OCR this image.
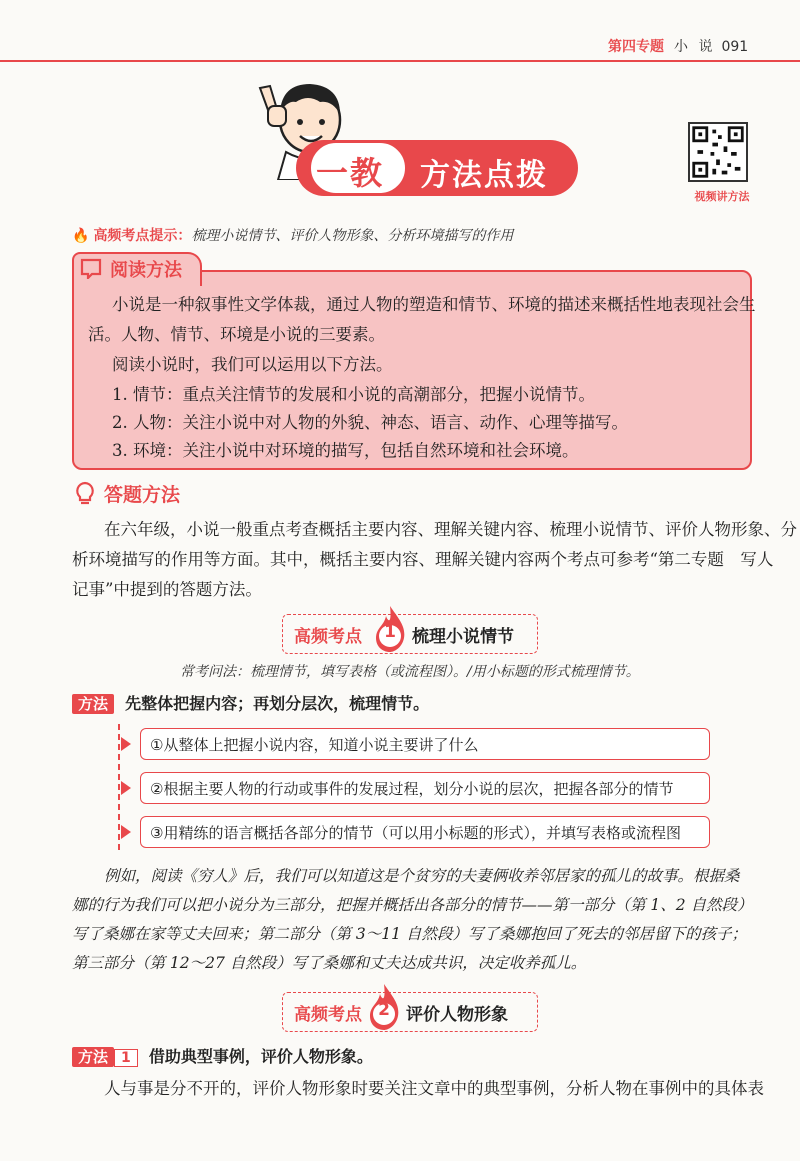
第四专题 小 说 091
一教 方法点拨
视频讲方法
🔥 高频考点提示：梳理小说情节、评价人物形象、分析环境描写的作用
阅读方法
小说是一种叙事性文学体裁，通过人物的塑造和情节、环境的描述来概括性地表现社会生
活。人物、情节、环境是小说的三要素。
阅读小说时，我们可以运用以下方法。
1. 情节：重点关注情节的发展和小说的高潮部分，把握小说情节。
2. 人物：关注小说中对人物的外貌、神态、语言、动作、心理等描写。
3. 环境：关注小说中对环境的描写，包括自然环境和社会环境。
答题方法
在六年级，小说一般重点考查概括主要内容、理解关键内容、梳理小说情节、评价人物形象、分
析环境描写的作用等方面。其中，概括主要内容、理解关键内容两个考点可参考“第二专题　写人
记事”中提到的答题方法。
高频考点 1 梳理小说情节
常考问法：梳理情节，填写表格（或流程图）。/用小标题的形式梳理情节。
方法 先整体把握内容；再划分层次，梳理情节。
①从整体上把握小说内容，知道小说主要讲了什么
②根据主要人物的行动或事件的发展过程，划分小说的层次，把握各部分的情节
③用精练的语言概括各部分的情节（可以用小标题的形式），并填写表格或流程图
例如，阅读《穷人》后，我们可以知道这是个贫穷的夫妻俩收养邻居家的孤儿的故事。根据桑
娜的行为我们可以把小说分为三部分，把握并概括出各部分的情节——第一部分（第 1、2 自然段）
写了桑娜在家等丈夫回来；第二部分（第 3～11 自然段）写了桑娜抱回了死去的邻居留下的孩子；
第三部分（第 12～27 自然段）写了桑娜和丈夫达成共识，决定收养孤儿。
高频考点 2 评价人物形象
方法 1 借助典型事例，评价人物形象。
人与事是分不开的，评价人物形象时要关注文章中的典型事例，分析人物在事例中的具体表
